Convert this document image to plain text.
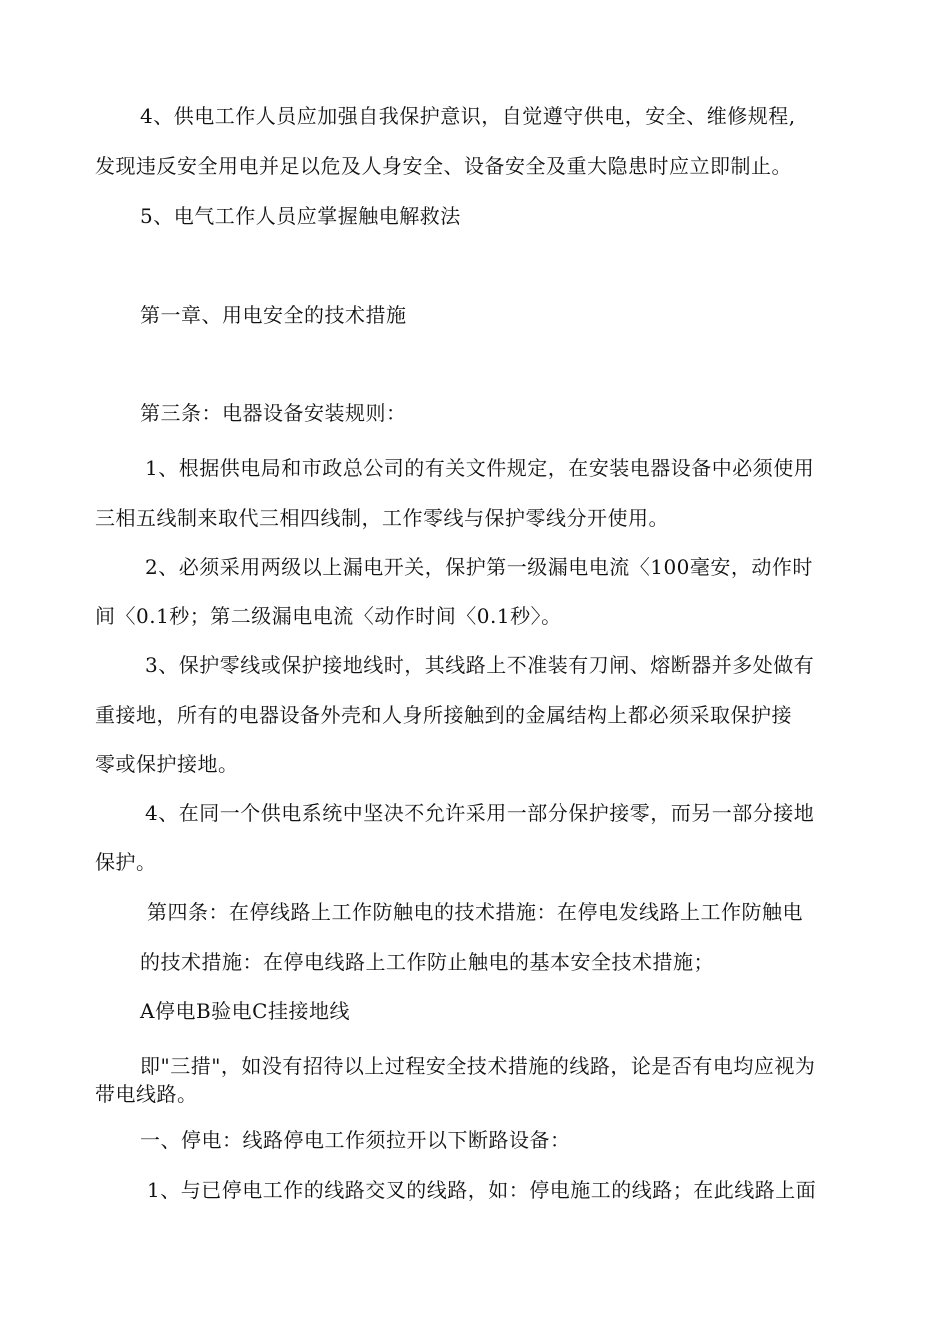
4、供电工作人员应加强自我保护意识，自觉遵守供电，安全、维修规程,
发现违反安全用电并足以危及人身安全、设备安全及重大隐患时应立即制止。
5、电气工作人员应掌握触电解救法
第一章、用电安全的技术措施
第三条：电器设备安装规则：
1、根据供电局和市政总公司的有关文件规定，在安装电器设备中必须使用
三相五线制来取代三相四线制，工作零线与保护零线分开使用。
2、必须采用两级以上漏电开关，保护第一级漏电电流〈100毫安，动作时
间〈0.1秒；第二级漏电电流〈动作时间〈0.1秒〉。
3、保护零线或保护接地线时，其线路上不准装有刀闸、熔断器并多处做有
重接地，所有的电器设备外壳和人身所接触到的金属结构上都必须采取保护接
零或保护接地。
4、在同一个供电系统中坚决不允许采用一部分保护接零，而另一部分接地
保护。
第四条：在停线路上工作防触电的技术措施：在停电发线路上工作防触电
的技术措施：在停电线路上工作防止触电的基本安全技术措施；
A停电B验电C挂接地线
即"三措"，如没有招待以上过程安全技术措施的线路，论是否有电均应视为
带电线路。
一、停电：线路停电工作须拉开以下断路设备：
1、与已停电工作的线路交叉的线路，如：停电施工的线路；在此线路上面
